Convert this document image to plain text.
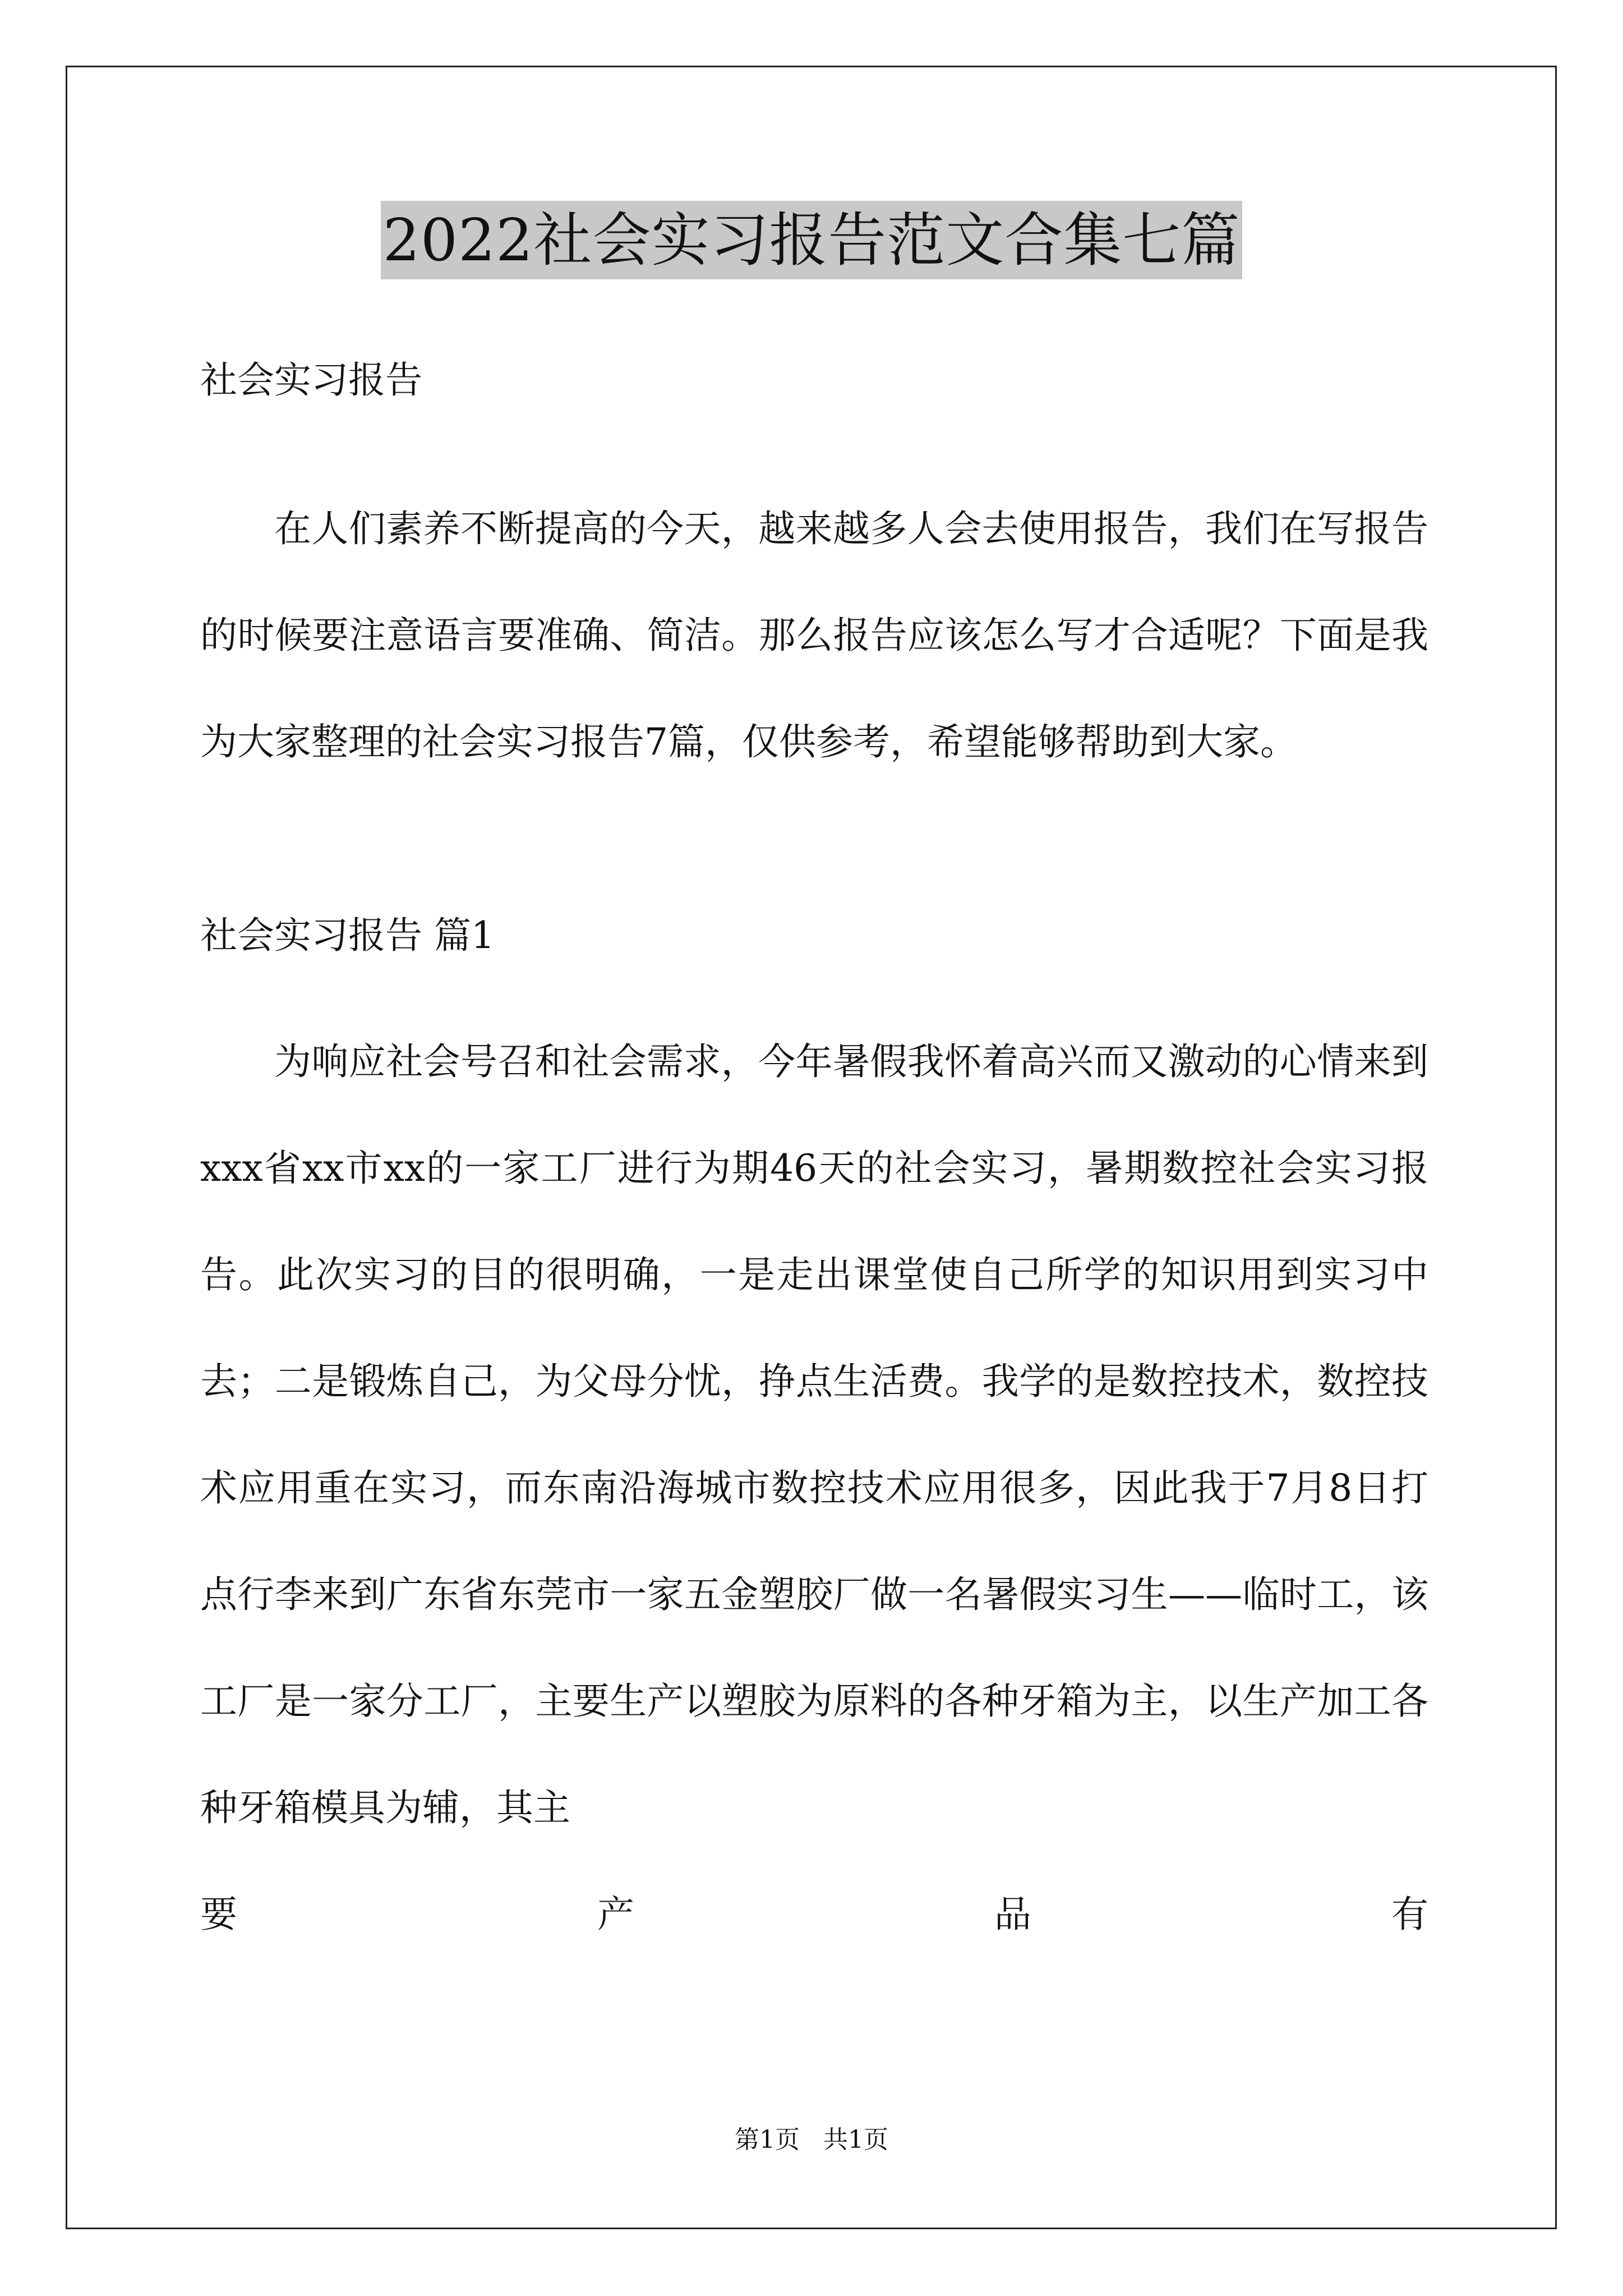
2022社会实习报告范文合集七篇

社会实习报告

在人们素养不断提高的今天，越来越多人会去使用报告，我们在写报告的时候要注意语言要准确、简洁。那么报告应该怎么写才合适呢？下面是我为大家整理的社会实习报告7篇，仅供参考，希望能够帮助到大家。

社会实习报告 篇1

为响应社会号召和社会需求，今年暑假我怀着高兴而又激动的心情来到xxx省xx市xx的一家工厂进行为期46天的社会实习，暑期数控社会实习报告。此次实习的目的很明确，一是走出课堂使自己所学的知识用到实习中去；二是锻炼自己，为父母分忧，挣点生活费。我学的是数控技术，数控技术应用重在实习，而东南沿海城市数控技术应用很多，因此我于7月8日打点行李来到广东省东莞市一家五金塑胶厂做一名暑假实习生——临时工，该工厂是一家分工厂，主要生产以塑胶为原料的各种牙箱为主，以生产加工各种牙箱模具为辅，其主

要	产	品	有
第1页   共1页
